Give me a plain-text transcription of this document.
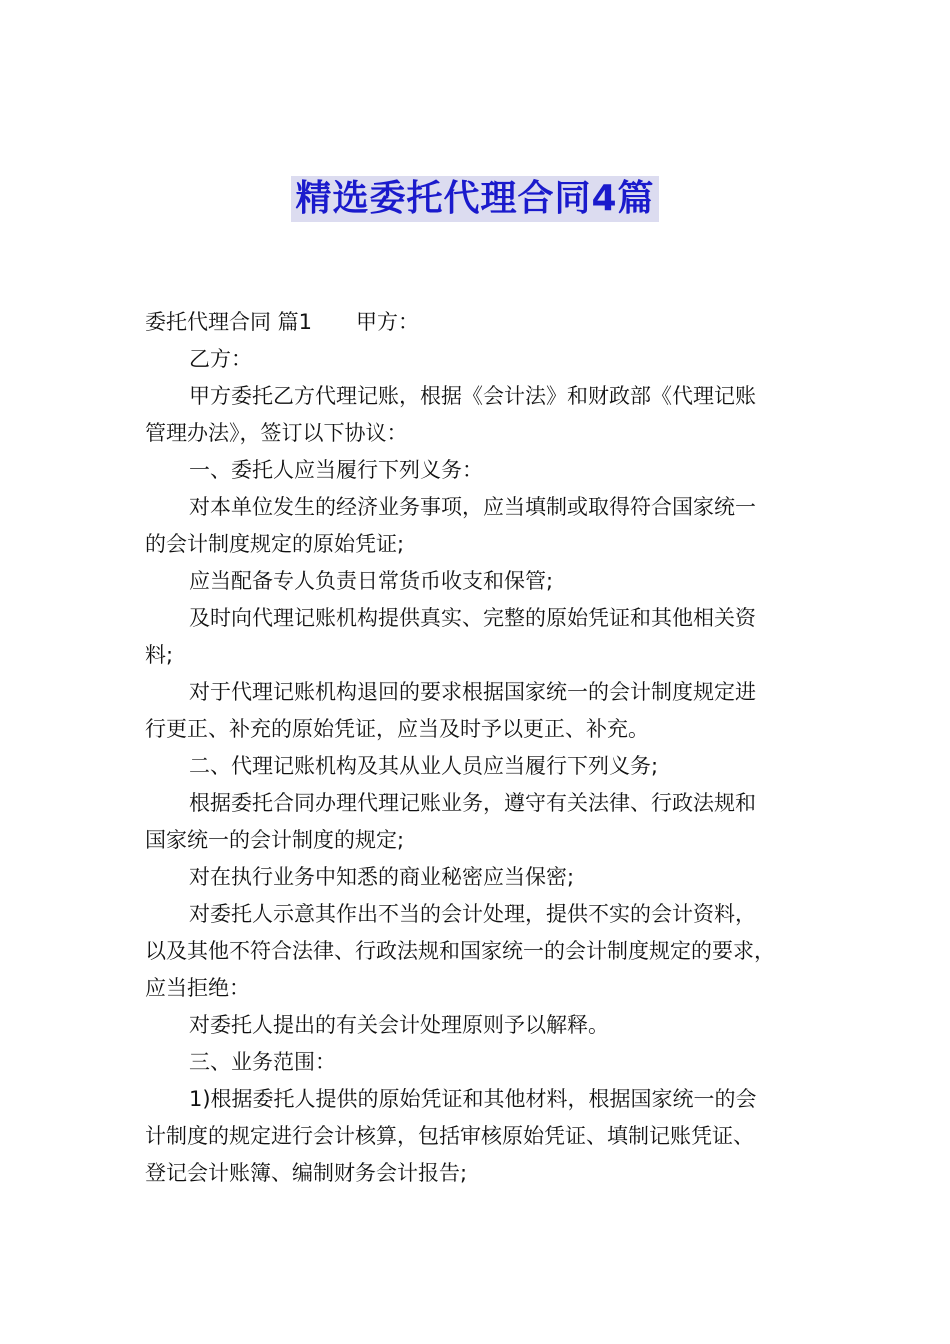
精选委托代理合同4篇
委托代理合同 篇1 甲方：
乙方：
甲方委托乙方代理记账，根据《会计法》和财政部《代理记账
管理办法》，签订以下协议：
一、委托人应当履行下列义务：
对本单位发生的经济业务事项，应当填制或取得符合国家统一
的会计制度规定的原始凭证;
应当配备专人负责日常货币收支和保管;
及时向代理记账机构提供真实、完整的原始凭证和其他相关资
料;
对于代理记账机构退回的要求根据国家统一的会计制度规定进
行更正、补充的原始凭证，应当及时予以更正、补充。
二、代理记账机构及其从业人员应当履行下列义务;
根据委托合同办理代理记账业务，遵守有关法律、行政法规和
国家统一的会计制度的规定;
对在执行业务中知悉的商业秘密应当保密;
对委托人示意其作出不当的会计处理，提供不实的会计资料，
以及其他不符合法律、行政法规和国家统一的会计制度规定的要求，
应当拒绝：
对委托人提出的有关会计处理原则予以解释。
三、业务范围：
1)根据委托人提供的原始凭证和其他材料，根据国家统一的会
计制度的规定进行会计核算，包括审核原始凭证、填制记账凭证、
登记会计账簿、编制财务会计报告;
